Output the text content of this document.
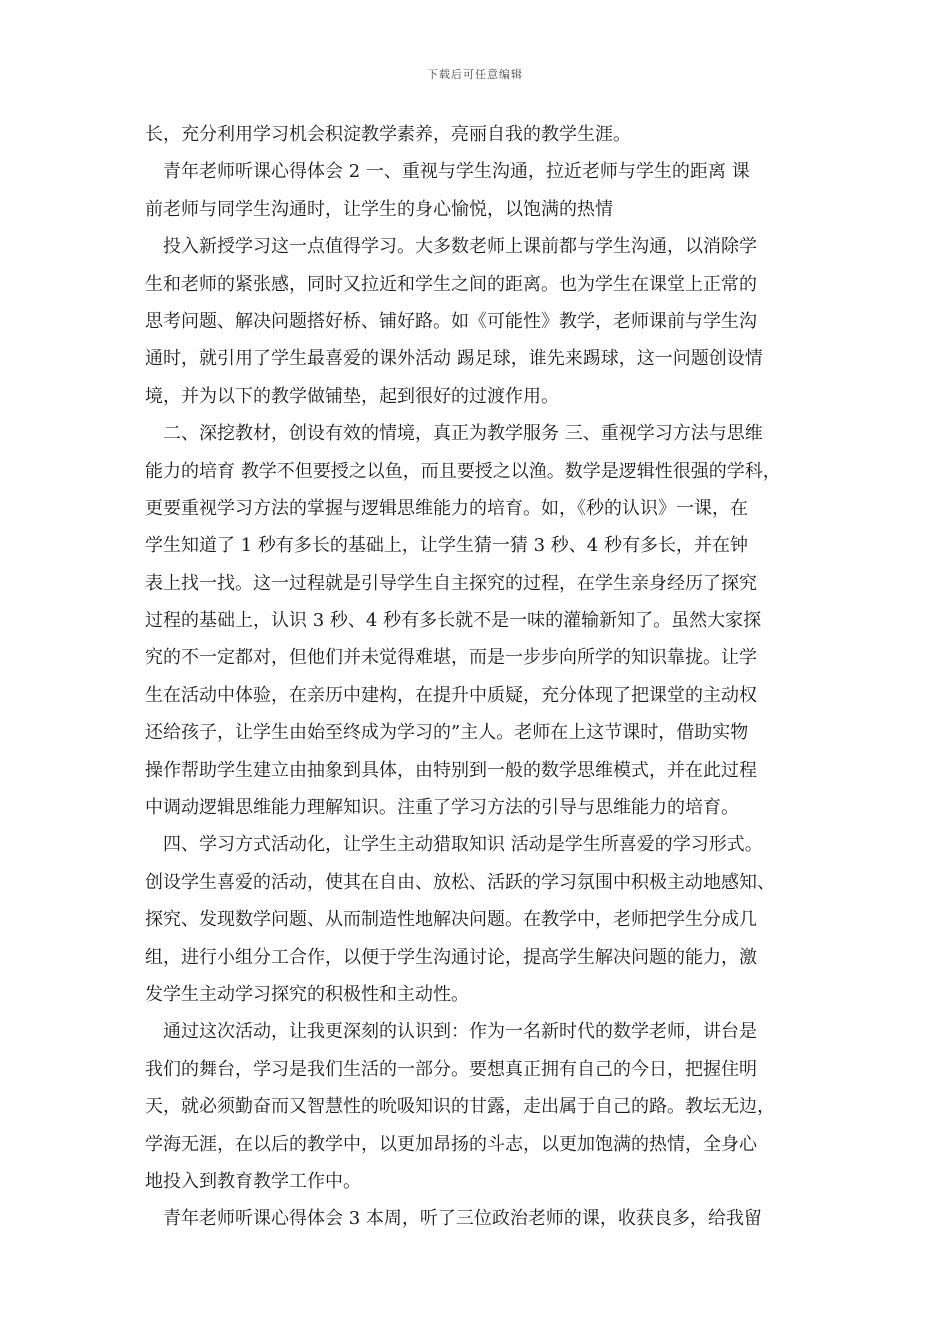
下载后可任意编辑
长，充分利用学习机会积淀教学素养，亮丽自我的教学生涯。
青年老师听课心得体会 2 一、重视与学生沟通，拉近老师与学生的距离 课
前老师与同学生沟通时，让学生的身心愉悦，以饱满的热情
投入新授学习这一点值得学习。大多数老师上课前都与学生沟通，以消除学
生和老师的紧张感，同时又拉近和学生之间的距离。也为学生在课堂上正常的
思考问题、解决问题搭好桥、铺好路。如《可能性》教学，老师课前与学生沟
通时，就引用了学生最喜爱的课外活动 踢足球，谁先来踢球，这一问题创设情
境，并为以下的教学做铺垫，起到很好的过渡作用。
二、深挖教材，创设有效的情境，真正为教学服务 三、重视学习方法与思维
能力的培育 教学不但要授之以鱼，而且要授之以渔。数学是逻辑性很强的学科，
更要重视学习方法的掌握与逻辑思维能力的培育。如，《秒的认识》一课，在
学生知道了 1 秒有多长的基础上，让学生猜一猜 3 秒、4 秒有多长，并在钟
表上找一找。这一过程就是引导学生自主探究的过程，在学生亲身经历了探究
过程的基础上，认识 3 秒、4 秒有多长就不是一味的灌输新知了。虽然大家探
究的不一定都对，但他们并未觉得难堪，而是一步步向所学的知识靠拢。让学
生在活动中体验，在亲历中建构，在提升中质疑，充分体现了把课堂的主动权
还给孩子，让学生由始至终成为学习的”主人。老师在上这节课时，借助实物
操作帮助学生建立由抽象到具体，由特别到一般的数学思维模式，并在此过程
中调动逻辑思维能力理解知识。注重了学习方法的引导与思维能力的培育。
四、学习方式活动化，让学生主动猎取知识 活动是学生所喜爱的学习形式。
创设学生喜爱的活动，使其在自由、放松、活跃的学习氛围中积极主动地感知、
探究、发现数学问题、从而制造性地解决问题。在教学中，老师把学生分成几
组，进行小组分工合作，以便于学生沟通讨论，提高学生解决问题的能力，激
发学生主动学习探究的积极性和主动性。
通过这次活动，让我更深刻的认识到：作为一名新时代的数学老师，讲台是
我们的舞台，学习是我们生活的一部分。要想真正拥有自己的今日，把握住明
天，就必须勤奋而又智慧性的吮吸知识的甘露，走出属于自己的路。教坛无边，
学海无涯，在以后的教学中，以更加昂扬的斗志，以更加饱满的热情，全身心
地投入到教育教学工作中。
青年老师听课心得体会 3 本周，听了三位政治老师的课，收获良多，给我留
